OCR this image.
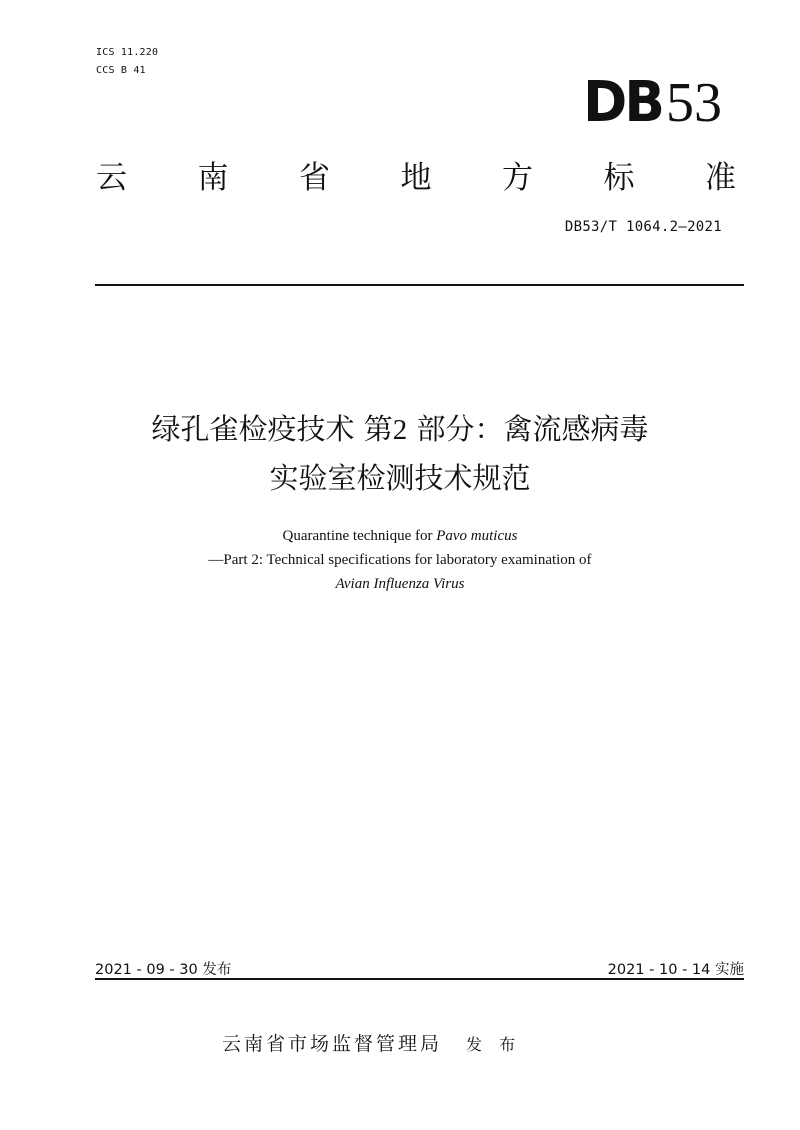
ICS 11.220
CCS B 41	DB53
云 南 省 地 方 标 准
DB53/T 1064.2—2021
绿孔雀检疫技术 第2 部分：禽流感病毒
实验室检测技术规范
Quarantine technique for Pavo muticus
—Part 2: Technical specifications for laboratory examination of
Avian Influenza Virus
2021 - 09 - 30 发布	2021 - 10 - 14 实施
云南省市场监督管理局 发 布
